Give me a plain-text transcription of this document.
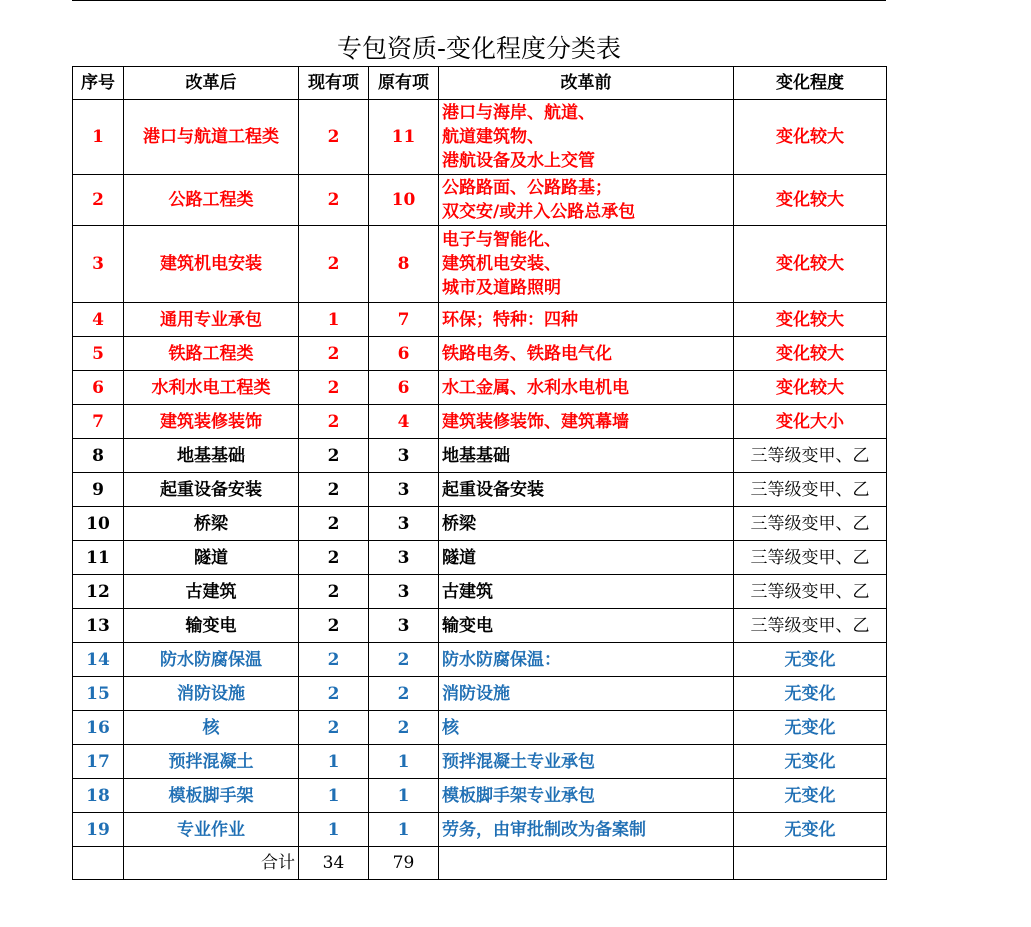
专包资质-变化程度分类表
序号	改革后	现有项	原有项	改革前	变化程度
1	港口与航道工程类	2	11	港口与海岸、航道、
航道建筑物、
港航设备及水上交管	变化较大
2	公路工程类	2	10	公路路面、公路路基；
双交安/或并入公路总承包	变化较大
3	建筑机电安装	2	8	电子与智能化、
建筑机电安装、
城市及道路照明	变化较大
4	通用专业承包	1	7	环保；特种：四种	变化较大
5	铁路工程类	2	6	铁路电务、铁路电气化	变化较大
6	水利水电工程类	2	6	水工金属、水利水电机电	变化较大
7	建筑装修装饰	2	4	建筑装修装饰、建筑幕墙	变化大小
8	地基基础	2	3	地基基础	三等级变甲、乙
9	起重设备安装	2	3	起重设备安装	三等级变甲、乙
10	桥梁	2	3	桥梁	三等级变甲、乙
11	隧道	2	3	隧道	三等级变甲、乙
12	古建筑	2	3	古建筑	三等级变甲、乙
13	输变电	2	3	输变电	三等级变甲、乙
14	防水防腐保温	2	2	防水防腐保温：	无变化
15	消防设施	2	2	消防设施	无变化
16	核	2	2	核	无变化
17	预拌混凝土	1	1	预拌混凝土专业承包	无变化
18	模板脚手架	1	1	模板脚手架专业承包	无变化
19	专业作业	1	1	劳务，由审批制改为备案制	无变化
	合计	34	79		
